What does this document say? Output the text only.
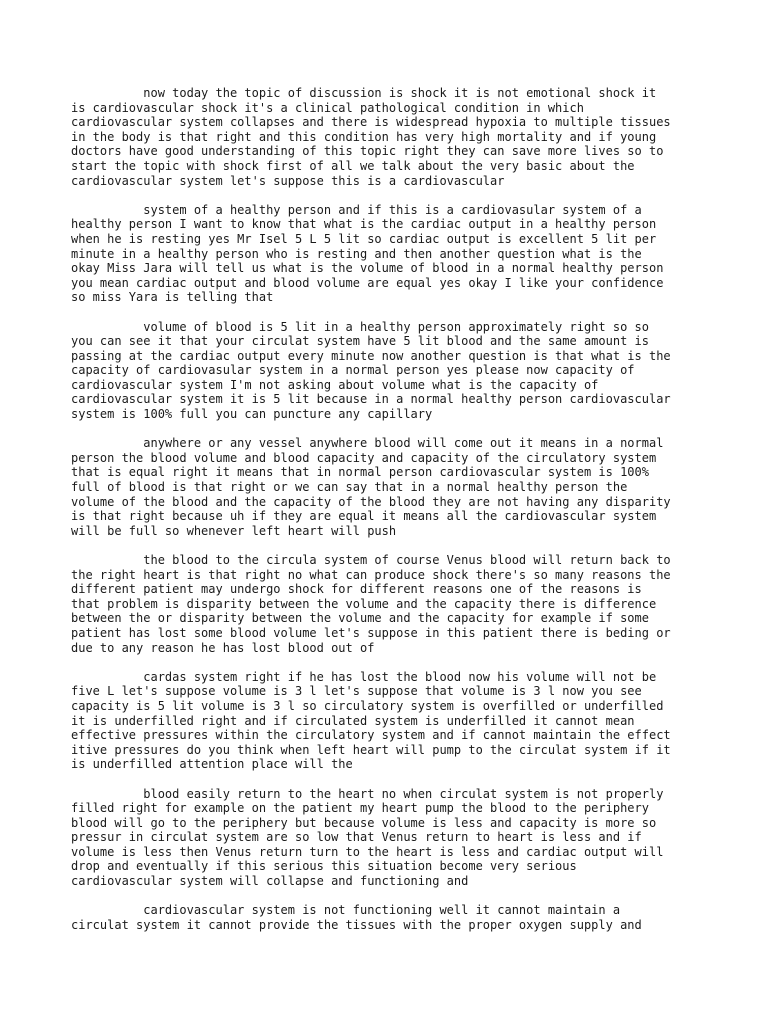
now today the topic of discussion is shock it is not emotional shock it
is cardiovascular shock it's a clinical pathological condition in which
cardiovascular system collapses and there is widespread hypoxia to multiple tissues
in the body is that right and this condition has very high mortality and if young
doctors have good understanding of this topic right they can save more lives so to
start the topic with shock first of all we talk about the very basic about the
cardiovascular system let's suppose this is a cardiovascular

system of a healthy person and if this is a cardiovasular system of a
healthy person I want to know that what is the cardiac output in a healthy person
when he is resting yes Mr Isel 5 L 5 lit so cardiac output is excellent 5 lit per
minute in a healthy person who is resting and then another question what is the
okay Miss Jara will tell us what is the volume of blood in a normal healthy person
you mean cardiac output and blood volume are equal yes okay I like your confidence
so miss Yara is telling that

volume of blood is 5 lit in a healthy person approximately right so so
you can see it that your circulat system have 5 lit blood and the same amount is
passing at the cardiac output every minute now another question is that what is the
capacity of cardiovasular system in a normal person yes please now capacity of
cardiovascular system I'm not asking about volume what is the capacity of
cardiovascular system it is 5 lit because in a normal healthy person cardiovascular
system is 100% full you can puncture any capillary

anywhere or any vessel anywhere blood will come out it means in a normal
person the blood volume and blood capacity and capacity of the circulatory system
that is equal right it means that in normal person cardiovascular system is 100%
full of blood is that right or we can say that in a normal healthy person the
volume of the blood and the capacity of the blood they are not having any disparity
is that right because uh if they are equal it means all the cardiovascular system
will be full so whenever left heart will push

the blood to the circula system of course Venus blood will return back to
the right heart is that right no what can produce shock there's so many reasons the
different patient may undergo shock for different reasons one of the reasons is
that problem is disparity between the volume and the capacity there is difference
between the or disparity between the volume and the capacity for example if some
patient has lost some blood volume let's suppose in this patient there is beding or
due to any reason he has lost blood out of

cardas system right if he has lost the blood now his volume will not be
five L let's suppose volume is 3 l let's suppose that volume is 3 l now you see
capacity is 5 lit volume is 3 l so circulatory system is overfilled or underfilled
it is underfilled right and if circulated system is underfilled it cannot mean
effective pressures within the circulatory system and if cannot maintain the effect
itive pressures do you think when left heart will pump to the circulat system if it
is underfilled attention place will the

blood easily return to the heart no when circulat system is not properly
filled right for example on the patient my heart pump the blood to the periphery
blood will go to the periphery but because volume is less and capacity is more so
pressur in circulat system are so low that Venus return to heart is less and if
volume is less then Venus return turn to the heart is less and cardiac output will
drop and eventually if this serious this situation become very serious
cardiovascular system will collapse and functioning and

cardiovascular system is not functioning well it cannot maintain a
circulat system it cannot provide the tissues with the proper oxygen supply and
